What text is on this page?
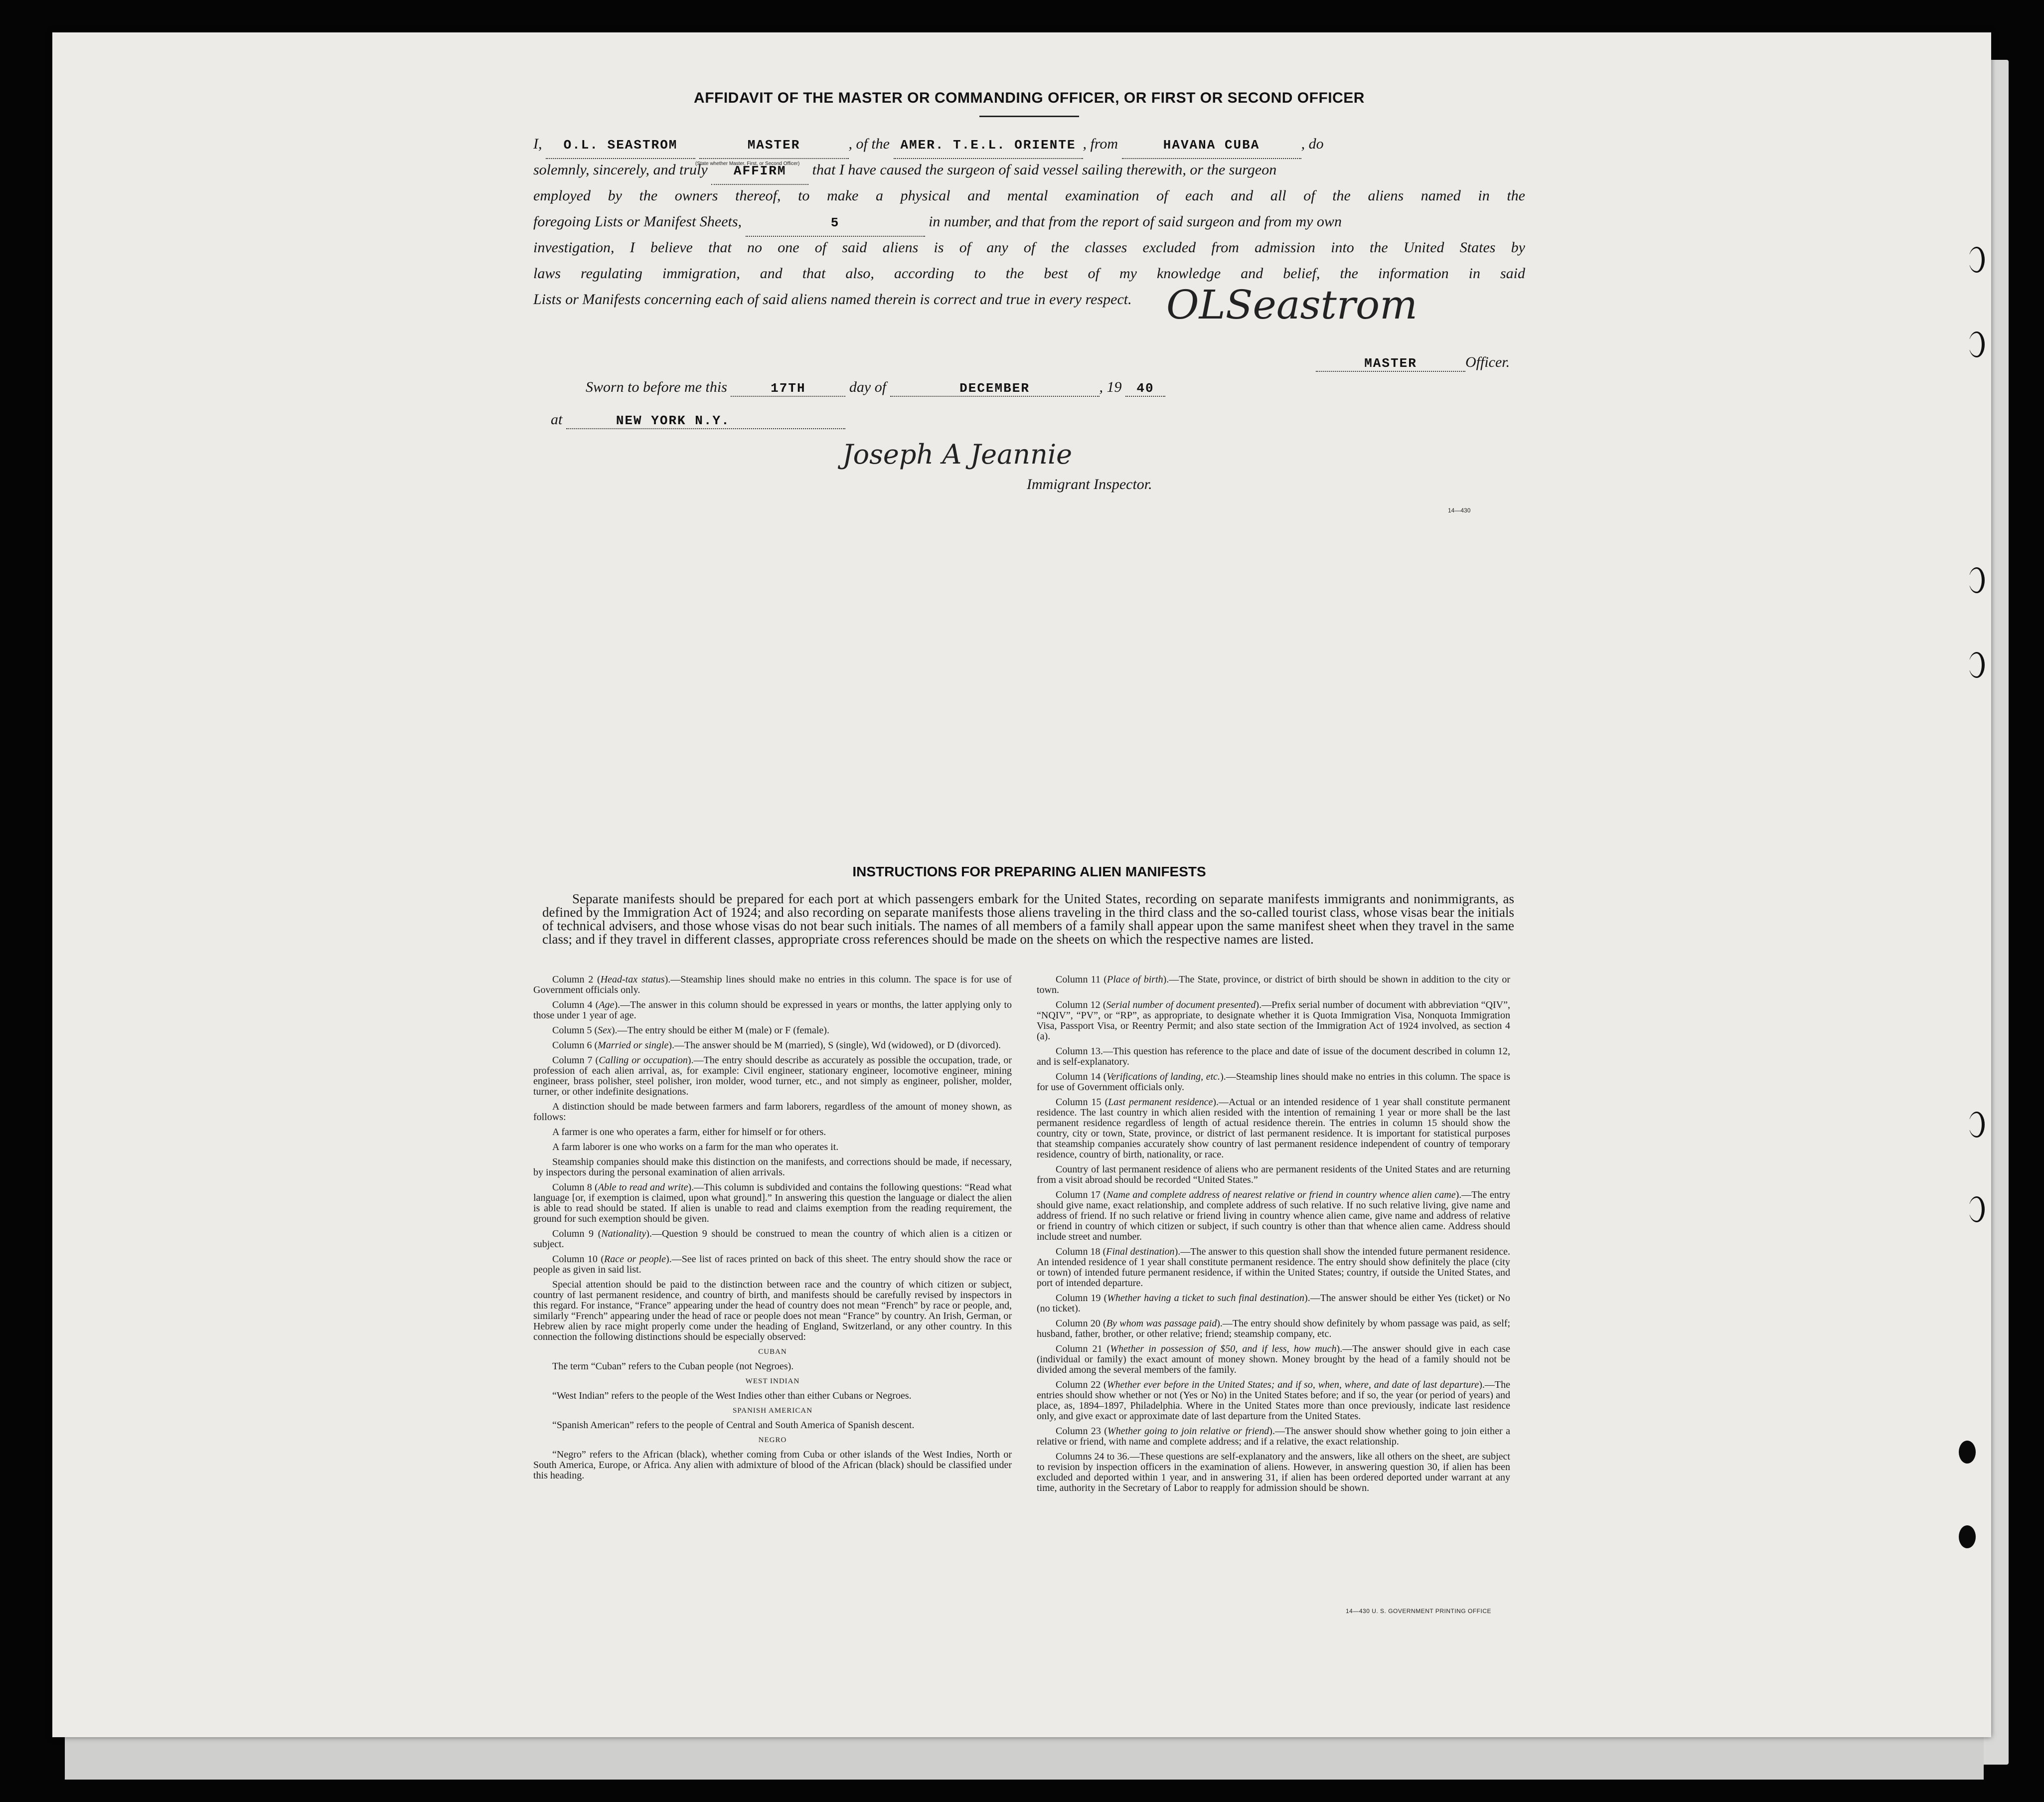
AFFIDAVIT OF THE MASTER OR COMMANDING OFFICER, OR FIRST OR SECOND OFFICER
I, O.L. SEASTROM	MASTER	, of the AMER. T.E.L. ORIENTE , from	HAVANA CUBA	, do
(State whether Master, First, or Second Officer)
solemnly, sincerely, and truly AFFIRM that I have caused the surgeon of said vessel sailing therewith, or the surgeon
employed by the owners thereof, to make a physical and mental examination of each and all of the aliens named in the
foregoing Lists or Manifest Sheets,	5	in number, and that from the report of said surgeon and from my own
investigation, I believe that no one of said aliens is of any of the classes excluded from admission into the United States by
laws regulating immigration, and that also, according to the best of my knowledge and belief, the information in said
Lists or Manifests concerning each of said aliens named therein is correct and true in every respect. OLSeastrom
MASTER	Officer.
Sworn to before me this	17TH	day of	DECEMBER	, 19 40
at	NEW YORK N.Y.
Joseph A Jeannie
Immigrant Inspector.
14—430
INSTRUCTIONS FOR PREPARING ALIEN MANIFESTS
Separate manifests should be prepared for each port at which passengers embark for the United States, recording on separate manifests immigrants and nonimmigrants, as defined by the Immigration Act of 1924; and also recording on separate manifests those aliens traveling in the third class and the so-called tourist class, whose visas bear the initials of technical advisers, and those whose visas do not bear such initials. The names of all members of a family shall appear upon the same manifest sheet when they travel in the same class; and if they travel in different classes, appropriate cross references should be made on the sheets on which the respective names are listed.

Column 2 (Head-tax status).—Steamship lines should make no entries in this column. The space is for use of Government officials only.

Column 4 (Age).—The answer in this column should be expressed in years or months, the latter applying only to those under 1 year of age.

Column 5 (Sex).—The entry should be either M (male) or F (female).

Column 6 (Married or single).—The answer should be M (married), S (single), Wd (widowed), or D (divorced).

Column 7 (Calling or occupation).—The entry should describe as accurately as possible the occupation, trade, or profession of each alien arrival, as, for example: Civil engineer, stationary engineer, locomotive engineer, mining engineer, brass polisher, steel polisher, iron molder, wood turner, etc., and not simply as engineer, polisher, molder, turner, or other indefinite designations.

A distinction should be made between farmers and farm laborers, regardless of the amount of money shown, as follows:

A farmer is one who operates a farm, either for himself or for others.

A farm laborer is one who works on a farm for the man who operates it.

Steamship companies should make this distinction on the manifests, and corrections should be made, if necessary, by inspectors during the personal examination of alien arrivals.

Column 8 (Able to read and write).—This column is subdivided and contains the following questions: “Read what language [or, if exemption is claimed, upon what ground].” In answering this question the language or dialect the alien is able to read should be stated. If alien is unable to read and claims exemption from the reading requirement, the ground for such exemption should be given.

Column 9 (Nationality).—Question 9 should be construed to mean the country of which alien is a citizen or subject.

Column 10 (Race or people).—See list of races printed on back of this sheet. The entry should show the race or people as given in said list.

Special attention should be paid to the distinction between race and the country of which citizen or subject, country of last permanent residence, and country of birth, and manifests should be carefully revised by inspectors in this regard. For instance, “France” appearing under the head of country does not mean “French” by race or people, and, similarly “French” appearing under the head of race or people does not mean “France” by country. An Irish, German, or Hebrew alien by race might properly come under the heading of England, Switzerland, or any other country. In this connection the following distinctions should be especially observed:

CUBAN

The term “Cuban” refers to the Cuban people (not Negroes).

WEST INDIAN

“West Indian” refers to the people of the West Indies other than either Cubans or Negroes.

SPANISH AMERICAN

“Spanish American” refers to the people of Central and South America of Spanish descent.

NEGRO

“Negro” refers to the African (black), whether coming from Cuba or other islands of the West Indies, North or South America, Europe, or Africa. Any alien with admixture of blood of the African (black) should be classified under this heading.

Column 11 (Place of birth).—The State, province, or district of birth should be shown in addition to the city or town.

Column 12 (Serial number of document presented).—Prefix serial number of document with abbreviation “QIV”, “NQIV”, “PV”, or “RP”, as appropriate, to designate whether it is Quota Immigration Visa, Nonquota Immigration Visa, Passport Visa, or Reentry Permit; and also state section of the Immigration Act of 1924 involved, as section 4 (a).

Column 13.—This question has reference to the place and date of issue of the document described in column 12, and is self-explanatory.

Column 14 (Verifications of landing, etc.).—Steamship lines should make no entries in this column. The space is for use of Government officials only.

Column 15 (Last permanent residence).—Actual or an intended residence of 1 year shall constitute permanent residence. The last country in which alien resided with the intention of remaining 1 year or more shall be the last permanent residence regardless of length of actual residence therein. The entries in column 15 should show the country, city or town, State, province, or district of last permanent residence. It is important for statistical purposes that steamship companies accurately show country of last permanent residence independent of country of temporary residence, country of birth, nationality, or race.

Country of last permanent residence of aliens who are permanent residents of the United States and are returning from a visit abroad should be recorded “United States.”

Column 17 (Name and complete address of nearest relative or friend in country whence alien came).—The entry should give name, exact relationship, and complete address of such relative. If no such relative living, give name and address of friend. If no such relative or friend living in country whence alien came, give name and address of relative or friend in country of which citizen or subject, if such country is other than that whence alien came. Address should include street and number.

Column 18 (Final destination).—The answer to this question shall show the intended future permanent residence. An intended residence of 1 year shall constitute permanent residence. The entry should show definitely the place (city or town) of intended future permanent residence, if within the United States; country, if outside the United States, and port of intended departure.

Column 19 (Whether having a ticket to such final destination).—The answer should be either Yes (ticket) or No (no ticket).

Column 20 (By whom was passage paid).—The entry should show definitely by whom passage was paid, as self; husband, father, brother, or other relative; friend; steamship company, etc.

Column 21 (Whether in possession of $50, and if less, how much).—The answer should give in each case (individual or family) the exact amount of money shown. Money brought by the head of a family should not be divided among the several members of the family.

Column 22 (Whether ever before in the United States; and if so, when, where, and date of last departure).—The entries should show whether or not (Yes or No) in the United States before; and if so, the year (or period of years) and place, as, 1894–1897, Philadelphia. Where in the United States more than once previously, indicate last residence only, and give exact or approximate date of last departure from the United States.

Column 23 (Whether going to join relative or friend).—The answer should show whether going to join either a relative or friend, with name and complete address; and if a relative, the exact relationship.

Columns 24 to 36.—These questions are self-explanatory and the answers, like all others on the sheet, are subject to revision by inspection officers in the examination of aliens. However, in answering question 30, if alien has been excluded and deported within 1 year, and in answering 31, if alien has been ordered deported under warrant at any time, authority in the Secretary of Labor to reapply for admission should be shown.

14—430 U. S. GOVERNMENT PRINTING OFFICE
